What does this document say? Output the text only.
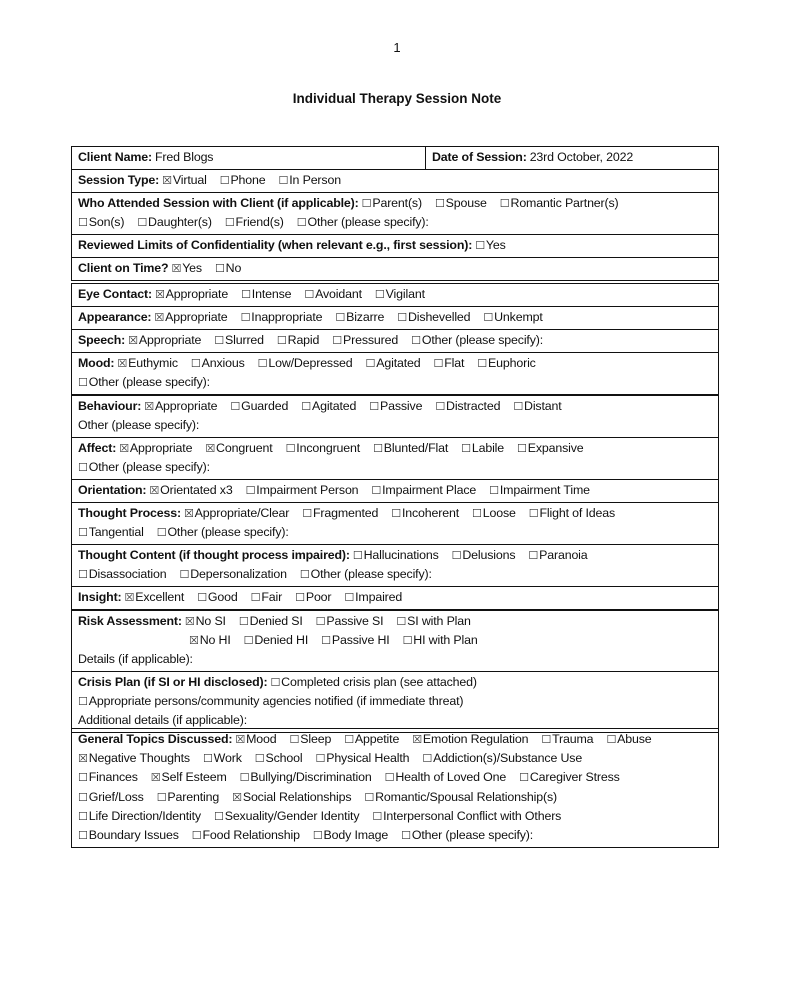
1
Individual Therapy Session Note
Client Name: Fred Blogs	Date of Session: 23rd October, 2022
Session Type: ☒Virtual ☐Phone ☐In Person
Who Attended Session with Client (if applicable): ☐Parent(s) ☐Spouse ☐Romantic Partner(s)
☐Son(s) ☐Daughter(s) ☐Friend(s) ☐Other (please specify):
Reviewed Limits of Confidentiality (when relevant e.g., first session): ☐Yes
Client on Time? ☒Yes ☐No
Eye Contact: ☒Appropriate ☐Intense ☐Avoidant ☐Vigilant
Appearance: ☒Appropriate ☐Inappropriate ☐Bizarre ☐Dishevelled ☐Unkempt
Speech: ☒Appropriate ☐Slurred ☐Rapid ☐Pressured ☐Other (please specify):
Mood: ☒Euthymic ☐Anxious ☐Low/Depressed ☐Agitated ☐Flat ☐Euphoric
☐Other (please specify):
Behaviour: ☒Appropriate ☐Guarded ☐Agitated ☐Passive ☐Distracted ☐Distant
Other (please specify):
Affect: ☒Appropriate ☒Congruent ☐Incongruent ☐Blunted/Flat ☐Labile ☐Expansive
☐Other (please specify):
Orientation: ☒Orientated x3 ☐Impairment Person ☐Impairment Place ☐Impairment Time
Thought Process: ☒Appropriate/Clear ☐Fragmented ☐Incoherent ☐Loose ☐Flight of Ideas
☐Tangential ☐Other (please specify):
Thought Content (if thought process impaired): ☐Hallucinations ☐Delusions ☐Paranoia
☐Disassociation ☐Depersonalization ☐Other (please specify):
Insight: ☒Excellent ☐Good ☐Fair ☐Poor ☐Impaired
Risk Assessment: ☒No SI ☐Denied SI ☐Passive SI ☐SI with Plan
☒No HI ☐Denied HI ☐Passive HI ☐HI with Plan
Details (if applicable):
Crisis Plan (if SI or HI disclosed): ☐Completed crisis plan (see attached)
☐Appropriate persons/community agencies notified (if immediate threat)
Additional details (if applicable):
General Topics Discussed: ☒Mood ☐Sleep ☐Appetite ☒Emotion Regulation ☐Trauma ☐Abuse
☒Negative Thoughts ☐Work ☐School ☐Physical Health ☐Addiction(s)/Substance Use
☐Finances ☒Self Esteem ☐Bullying/Discrimination ☐Health of Loved One ☐Caregiver Stress
☐Grief/Loss ☐Parenting ☒Social Relationships ☐Romantic/Spousal Relationship(s)
☐Life Direction/Identity ☐Sexuality/Gender Identity ☐Interpersonal Conflict with Others
☐Boundary Issues ☐Food Relationship ☐Body Image ☐Other (please specify):
